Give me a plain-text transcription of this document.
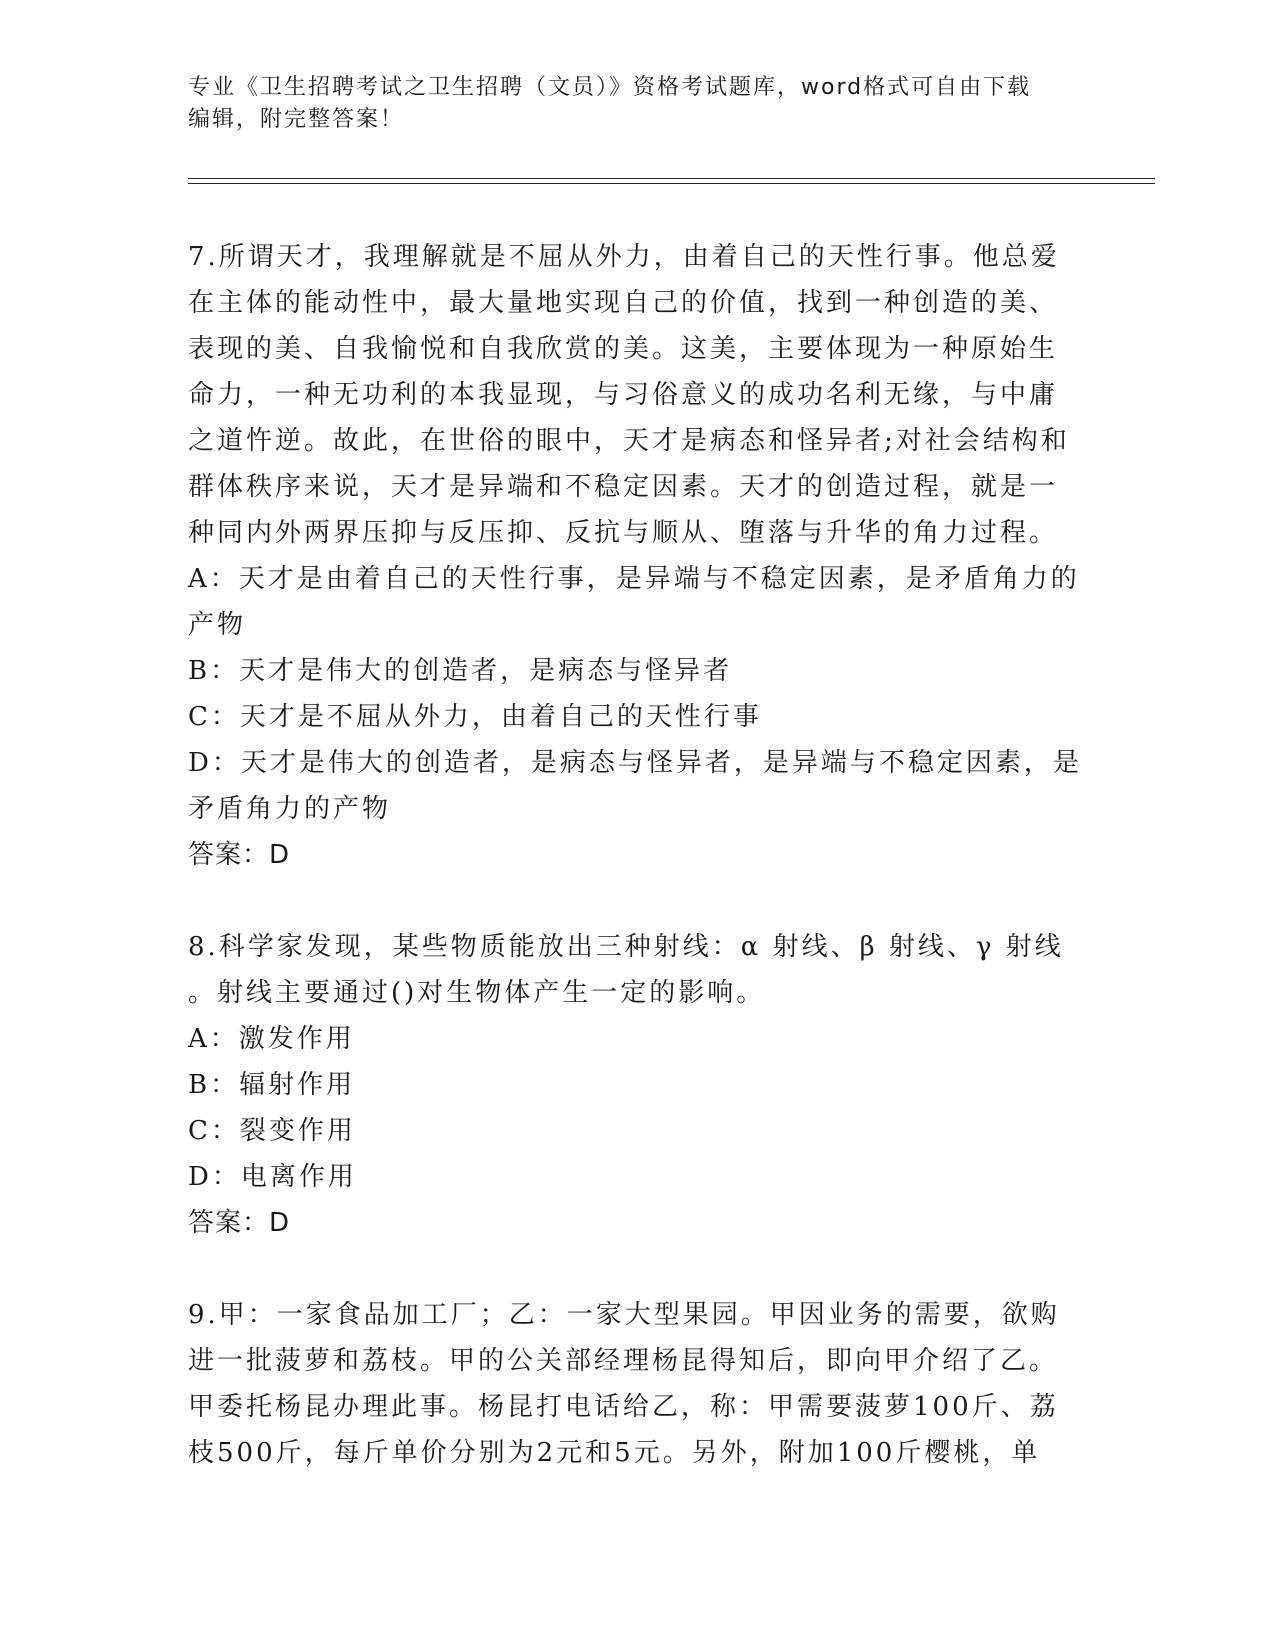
专业《卫生招聘考试之卫生招聘（文员）》资格考试题库，word格式可自由下载
编辑，附完整答案！

7.所谓天才，我理解就是不屈从外力，由着自己的天性行事。他总爱

在主体的能动性中，最大量地实现自己的价值，找到一种创造的美、

表现的美、自我愉悦和自我欣赏的美。这美，主要体现为一种原始生

命力，一种无功利的本我显现，与习俗意义的成功名利无缘，与中庸

之道忤逆。故此，在世俗的眼中，天才是病态和怪异者;对社会结构和

群体秩序来说，天才是异端和不稳定因素。天才的创造过程，就是一

种同内外两界压抑与反压抑、反抗与顺从、堕落与升华的角力过程。

A：天才是由着自己的天性行事，是异端与不稳定因素，是矛盾角力的

产物

B：天才是伟大的创造者，是病态与怪异者

C：天才是不屈从外力，由着自己的天性行事

D：天才是伟大的创造者，是病态与怪异者，是异端与不稳定因素，是

矛盾角力的产物

答案：D

8.科学家发现，某些物质能放出三种射线：α 射线、β 射线、γ 射线

。射线主要通过()对生物体产生一定的影响。

A：激发作用

B：辐射作用

C：裂变作用

D：电离作用

答案：D

9.甲：一家食品加工厂；乙：一家大型果园。甲因业务的需要，欲购

进一批菠萝和荔枝。甲的公关部经理杨昆得知后，即向甲介绍了乙。

甲委托杨昆办理此事。杨昆打电话给乙，称：甲需要菠萝100斤、荔

枝500斤，每斤单价分别为2元和5元。另外，附加100斤樱桃，单
